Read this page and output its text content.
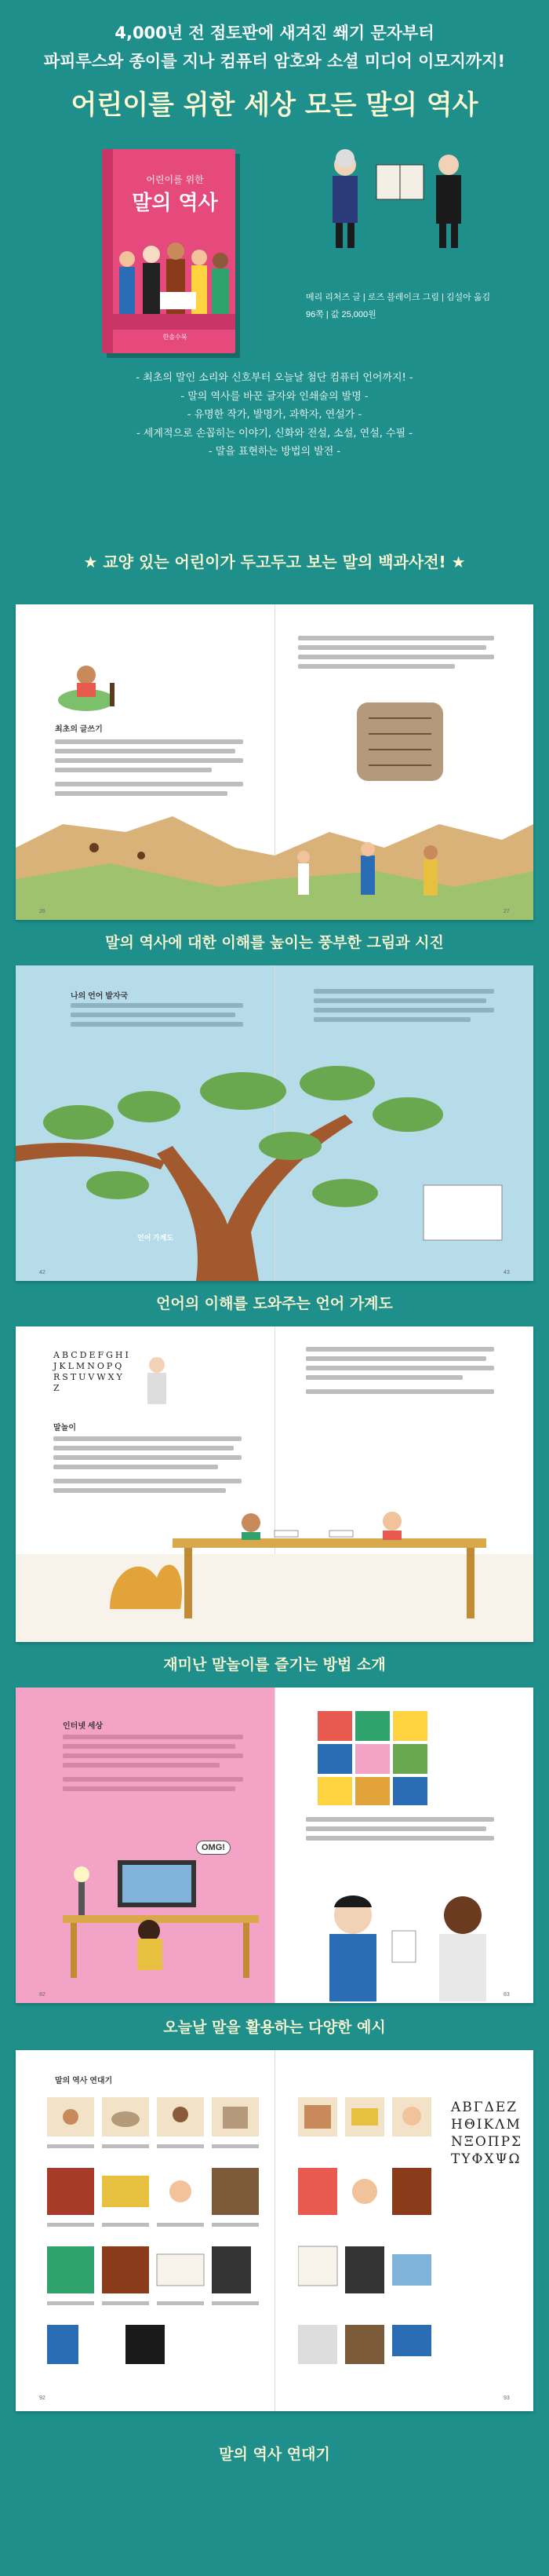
4,000년 전 점토판에 새겨진 쐐기 문자부터
파피루스와 종이를 지나 컴퓨터 암호와 소셜 미디어 이모지까지!
어린이를 위한 세상 모든 말의 역사
어린이를 위한
말의 역사
한솔수북
메리 리처즈 글 | 로즈 블레이크 그림 | 김설아 옮김
96쪽 | 값 25,000원
- 최초의 말인 소리와 신호부터 오늘날 첨단 컴퓨터 언어까지! -
- 말의 역사를 바꾼 글자와 인쇄술의 발명 -
- 유명한 작가, 발명가, 과학자, 연설가 -
- 세계적으로 손꼽히는 이야기, 신화와 전설, 소설, 연설, 수필 -
- 말을 표현하는 방법의 발전 -
★ 교양 있는 어린이가 두고두고 보는 말의 백과사전! ★
최초의 글쓰기
26	27
말의 역사에 대한 이해를 높이는 풍부한 그림과 시진
나의 언어 발자국
언어 가계도
42	43
언어의 이해를 도와주는 언어 가계도
ABCDEFGHIJKLMNOPQRSTUVWXYZ
말놀이
재미난 말놀이를 즐기는 방법 소개
인터넷 세상
OMG!
82	83
오늘날 말을 활용하는 다양한 예시
말의 역사 연대기
ΑΒΓΔΕΖ
ΗΘΙΚΛΜ
ΝΞΟΠΡΣ
ΤΥΦΧΨΩ
92	93
말의 역사 연대기
